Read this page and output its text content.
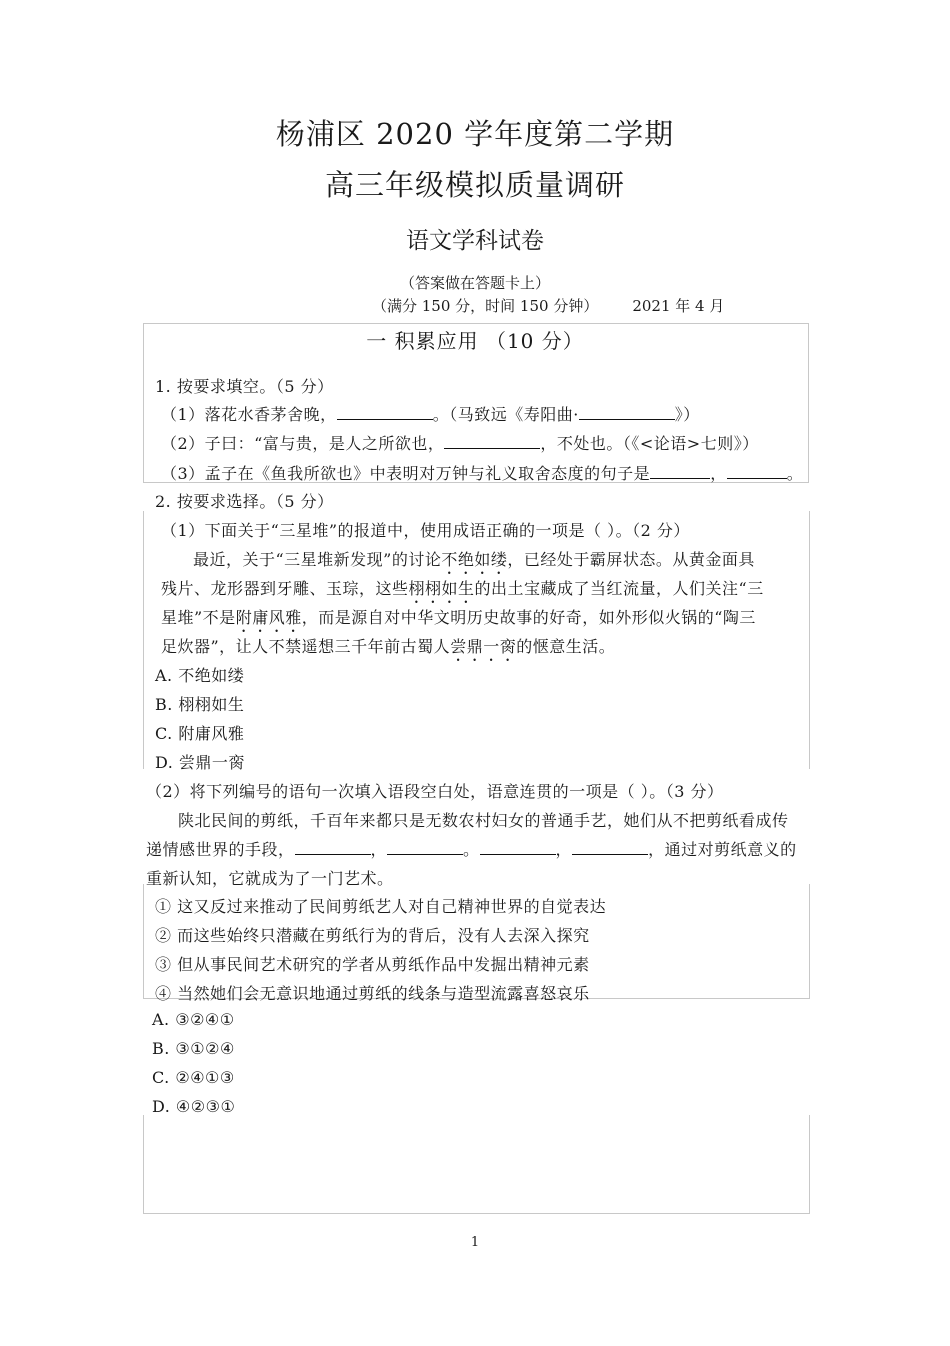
杨浦区 2020 学年度第二学期
高三年级模拟质量调研
语文学科试卷
（答案做在答题卡上）
（满分 150 分，时间 150 分钟） 2021 年 4 月
一 积累应用 （10 分）
1. 按要求填空。（5 分）
（1）落花水香茅舍晚，	。（马致远《寿阳曲·	》）
（2）子曰：“富与贵，是人之所欲也，	，不处也。（《<论语>七则》）
（3）孟子在《鱼我所欲也》中表明对万钟与礼义取舍态度的句子是	，	。
2. 按要求选择。（5 分）
（1）下面关于“三星堆”的报道中，使用成语正确的一项是（ ）。（2 分）
最近，关于“三星堆新发现”的讨论不绝如缕，已经处于霸屏状态。从黄金面具
残片、龙形器到牙雕、玉琮，这些栩栩如生的出土宝藏成了当红流量，人们关注“三
星堆”不是附庸风雅，而是源自对中华文明历史故事的好奇，如外形似火锅的“陶三
足炊器”，让人不禁遥想三千年前古蜀人尝鼎一脔的惬意生活。
A. 不绝如缕
B. 栩栩如生
C. 附庸风雅
D. 尝鼎一脔
（2）将下列编号的语句一次填入语段空白处，语意连贯的一项是（ ）。（3 分）
陕北民间的剪纸，千百年来都只是无数农村妇女的普通手艺，她们从不把剪纸看成传
递情感世界的手段，	，	。	，	，通过对剪纸意义的
重新认知，它就成为了一门艺术。
① 这又反过来推动了民间剪纸艺人对自己精神世界的自觉表达
② 而这些始终只潜藏在剪纸行为的背后，没有人去深入探究
③ 但从事民间艺术研究的学者从剪纸作品中发掘出精神元素
④ 当然她们会无意识地通过剪纸的线条与造型流露喜怒哀乐
A. ③②④①
B. ③①②④
C. ②④①③
D. ④②③①
1
